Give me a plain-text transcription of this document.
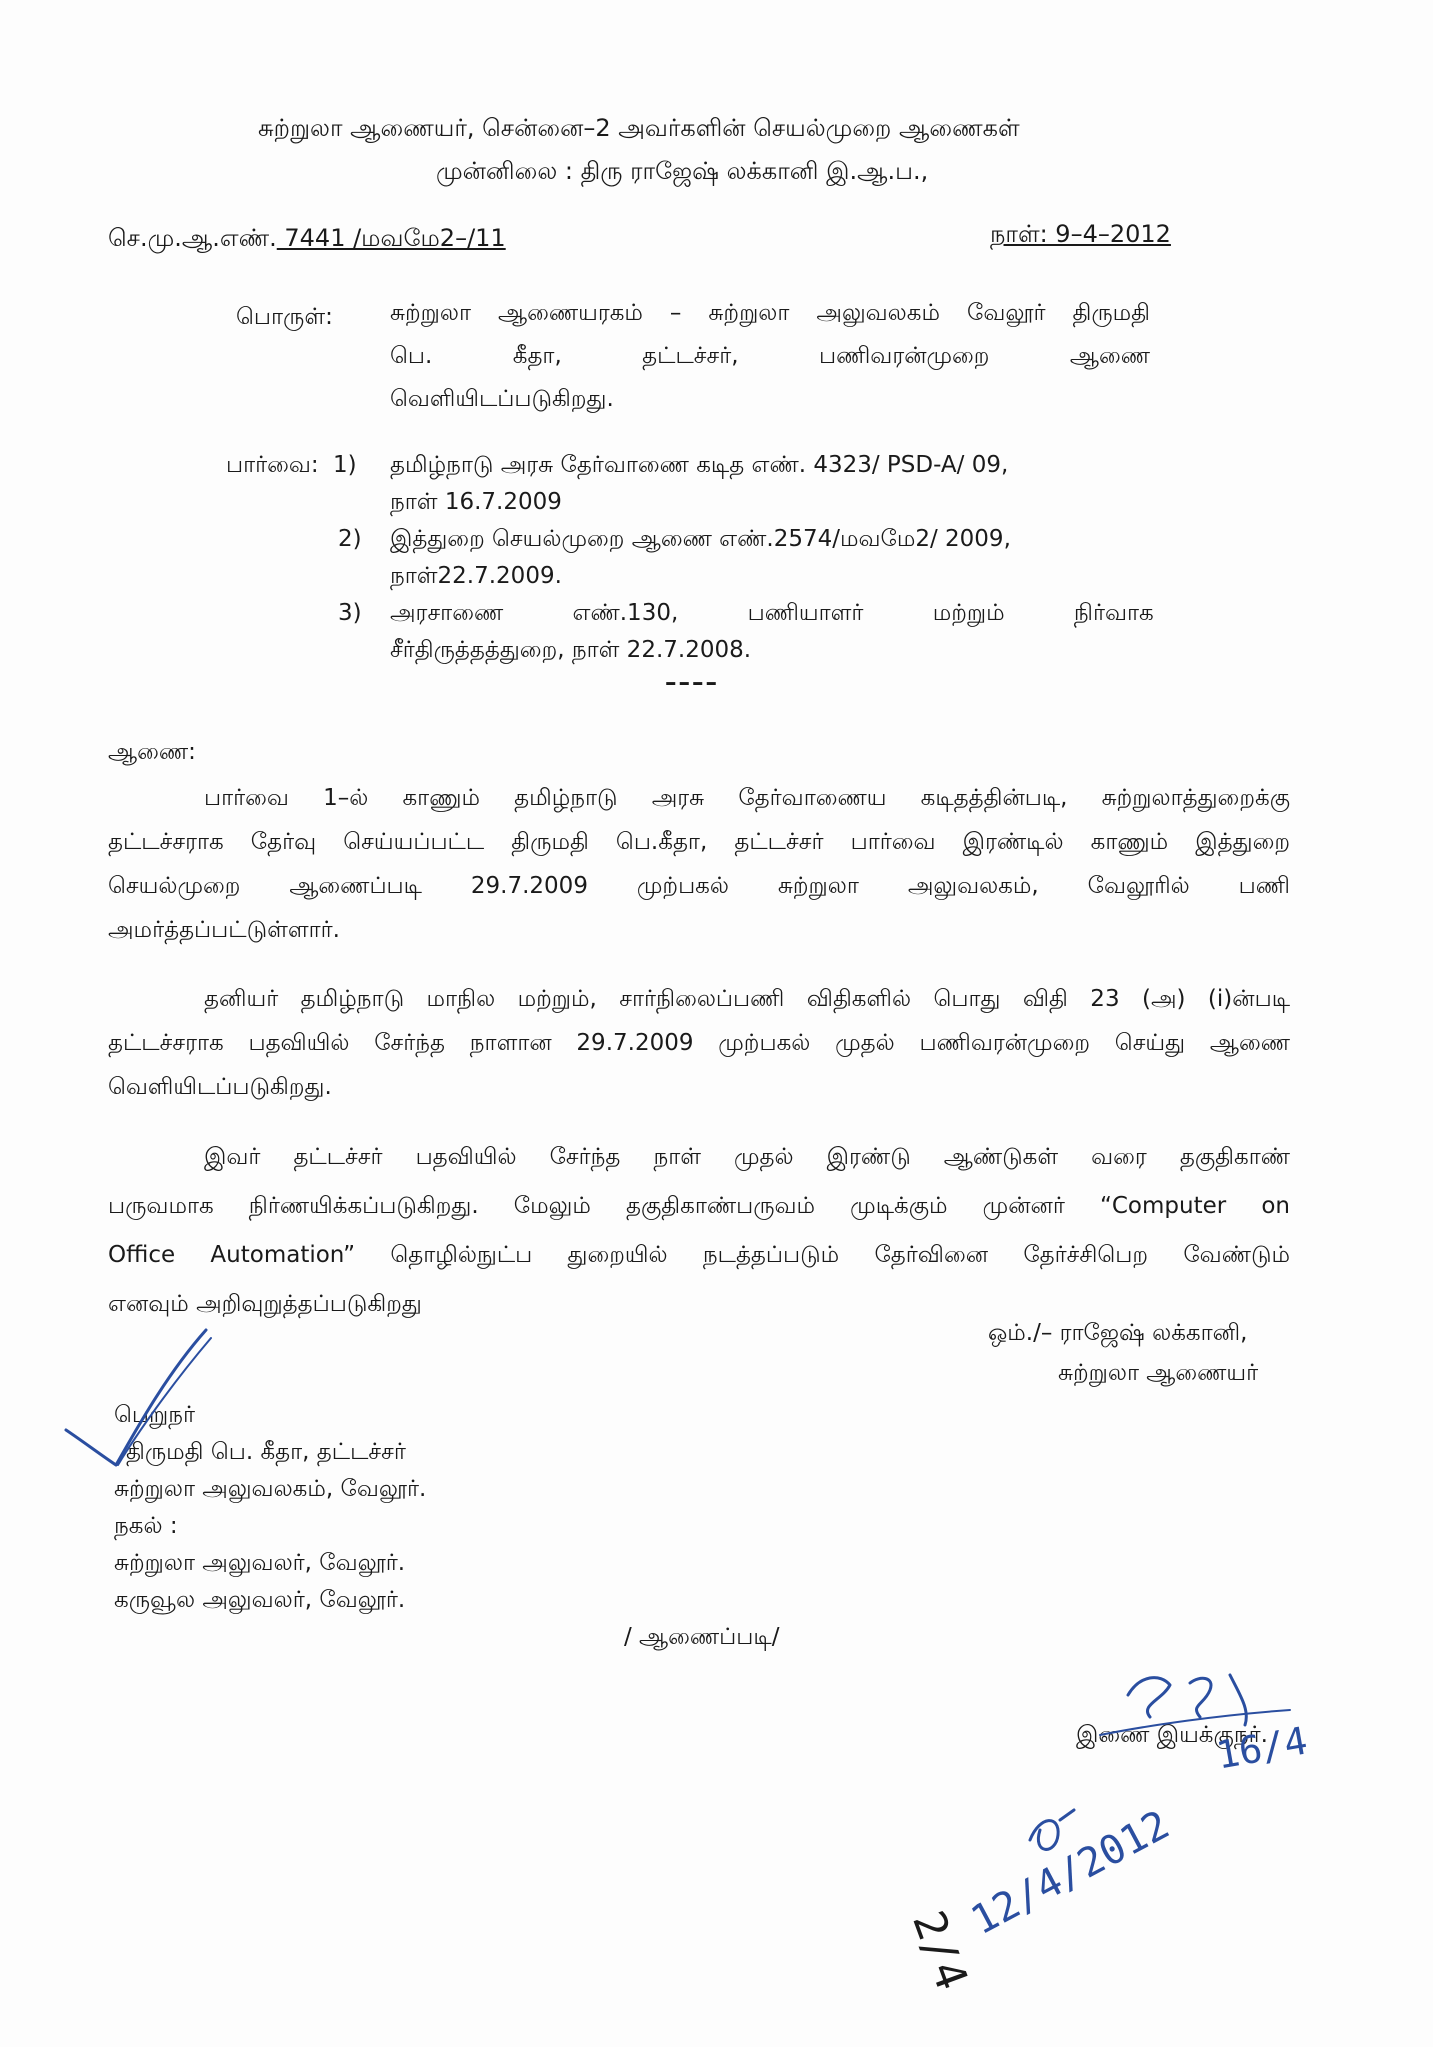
சுற்றுலா ஆணையர், சென்னை–2 அவர்களின் செயல்முறை ஆணைகள்
முன்னிலை : திரு ராஜேஷ் லக்கானி இ.ஆ.ப.,
செ.மு.ஆ.எண். 7441 /மவமே2–/11	நாள்: 9–4–2012
பொருள்: சுற்றுலா ஆணையரகம் – சுற்றுலா அலுவலகம் வேலூர் திருமதி
பெ. கீதா, தட்டச்சர், பணிவரன்முறை ஆணை
வெளியிடப்படுகிறது.
பார்வை: 1) தமிழ்நாடு அரசு தேர்வாணை கடித எண். 4323/ PSD-A/ 09,
நாள் 16.7.2009
2) இத்துறை செயல்முறை ஆணை எண்.2574/மவமே2/ 2009,
நாள்22.7.2009.
3) அரசாணை எண்.130, பணியாளர் மற்றும் நிர்வாக
சீர்திருத்தத்துறை, நாள் 22.7.2008.
––––
ஆணை:
பார்வை 1–ல் காணும் தமிழ்நாடு அரசு தேர்வாணைய கடிதத்தின்படி, சுற்றுலாத்துறைக்கு
தட்டச்சராக தேர்வு செய்யப்பட்ட திருமதி பெ.கீதா, தட்டச்சர் பார்வை இரண்டில் காணும் இத்துறை
செயல்முறை ஆணைப்படி 29.7.2009 முற்பகல் சுற்றுலா அலுவலகம், வேலூரில் பணி
அமர்த்தப்பட்டுள்ளார்.
தனியர் தமிழ்நாடு மாநில மற்றும், சார்நிலைப்பணி விதிகளில் பொது விதி 23 (அ) (i)ன்படி
தட்டச்சராக பதவியில் சேர்ந்த நாளான 29.7.2009 முற்பகல் முதல் பணிவரன்முறை செய்து ஆணை
வெளியிடப்படுகிறது.
இவர் தட்டச்சர் பதவியில் சேர்ந்த நாள் முதல் இரண்டு ஆண்டுகள் வரை தகுதிகாண்
பருவமாக நிர்ணயிக்கப்படுகிறது. மேலும் தகுதிகாண்பருவம் முடிக்கும் முன்னர் “Computer on
Office Automation” தொழில்நுட்ப துறையில் நடத்தப்படும் தேர்வினை தேர்ச்சிபெற வேண்டும்
எனவும் அறிவுறுத்தப்படுகிறது
ஒம்./– ராஜேஷ் லக்கானி,
சுற்றுலா ஆணையர்
பெறுநர்
திருமதி பெ. கீதா, தட்டச்சர்
சுற்றுலா அலுவலகம், வேலூர்.
நகல் :
சுற்றுலா அலுவலர், வேலூர்.
கருவூல அலுவலர், வேலூர்.
/ ஆணைப்படி/
இணை இயக்குநர்.
16/4
12/4/2012
2/4
